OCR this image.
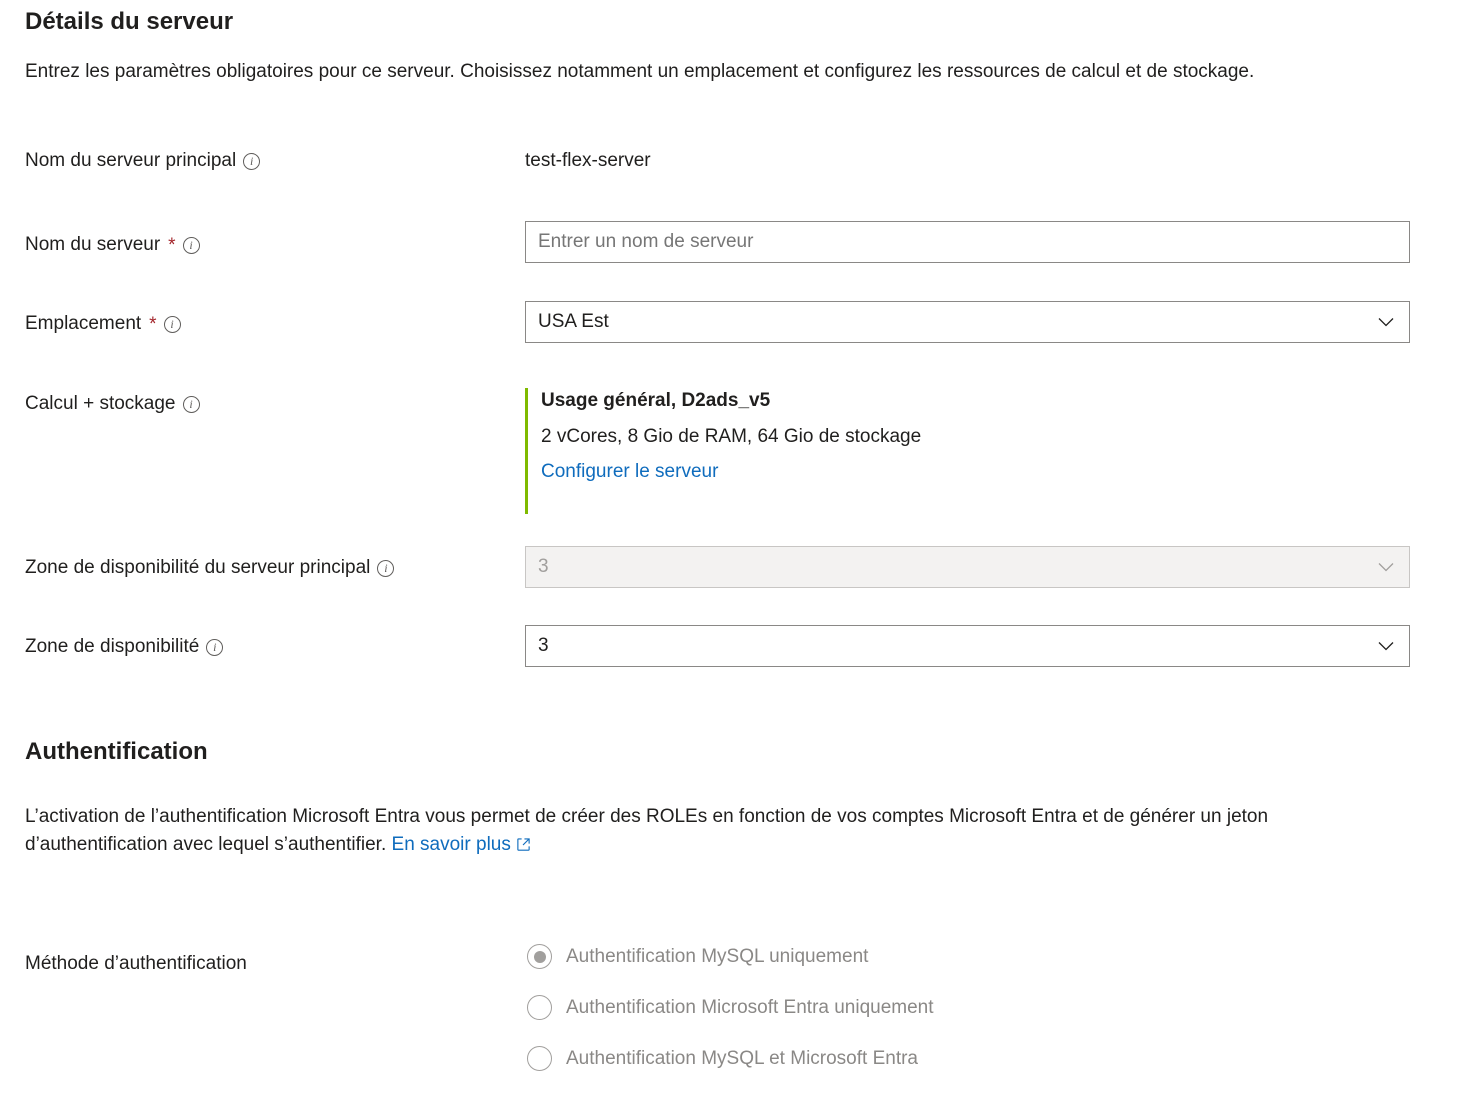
Détails du serveur
Entrez les paramètres obligatoires pour ce serveur. Choisissez notamment un emplacement et configurez les ressources de calcul et de stockage.
Nom du serveur principal	i	test-flex-server
Nom du serveur *	i	Entrer un nom de serveur
Emplacement *	i	USA Est
Calcul + stockage	i	Usage général, D2ads_v5
2 vCores, 8 Gio de RAM, 64 Gio de stockage
Configurer le serveur
Zone de disponibilité du serveur principal	i	3
Zone de disponibilité	i	3
Authentification
L’activation de l’authentification Microsoft Entra vous permet de créer des ROLEs en fonction de vos comptes Microsoft Entra et de générer un jeton d’authentification avec lequel s’authentifier. En savoir plus
Méthode d’authentification	Authentification MySQL uniquement
Authentification Microsoft Entra uniquement
Authentification MySQL et Microsoft Entra
